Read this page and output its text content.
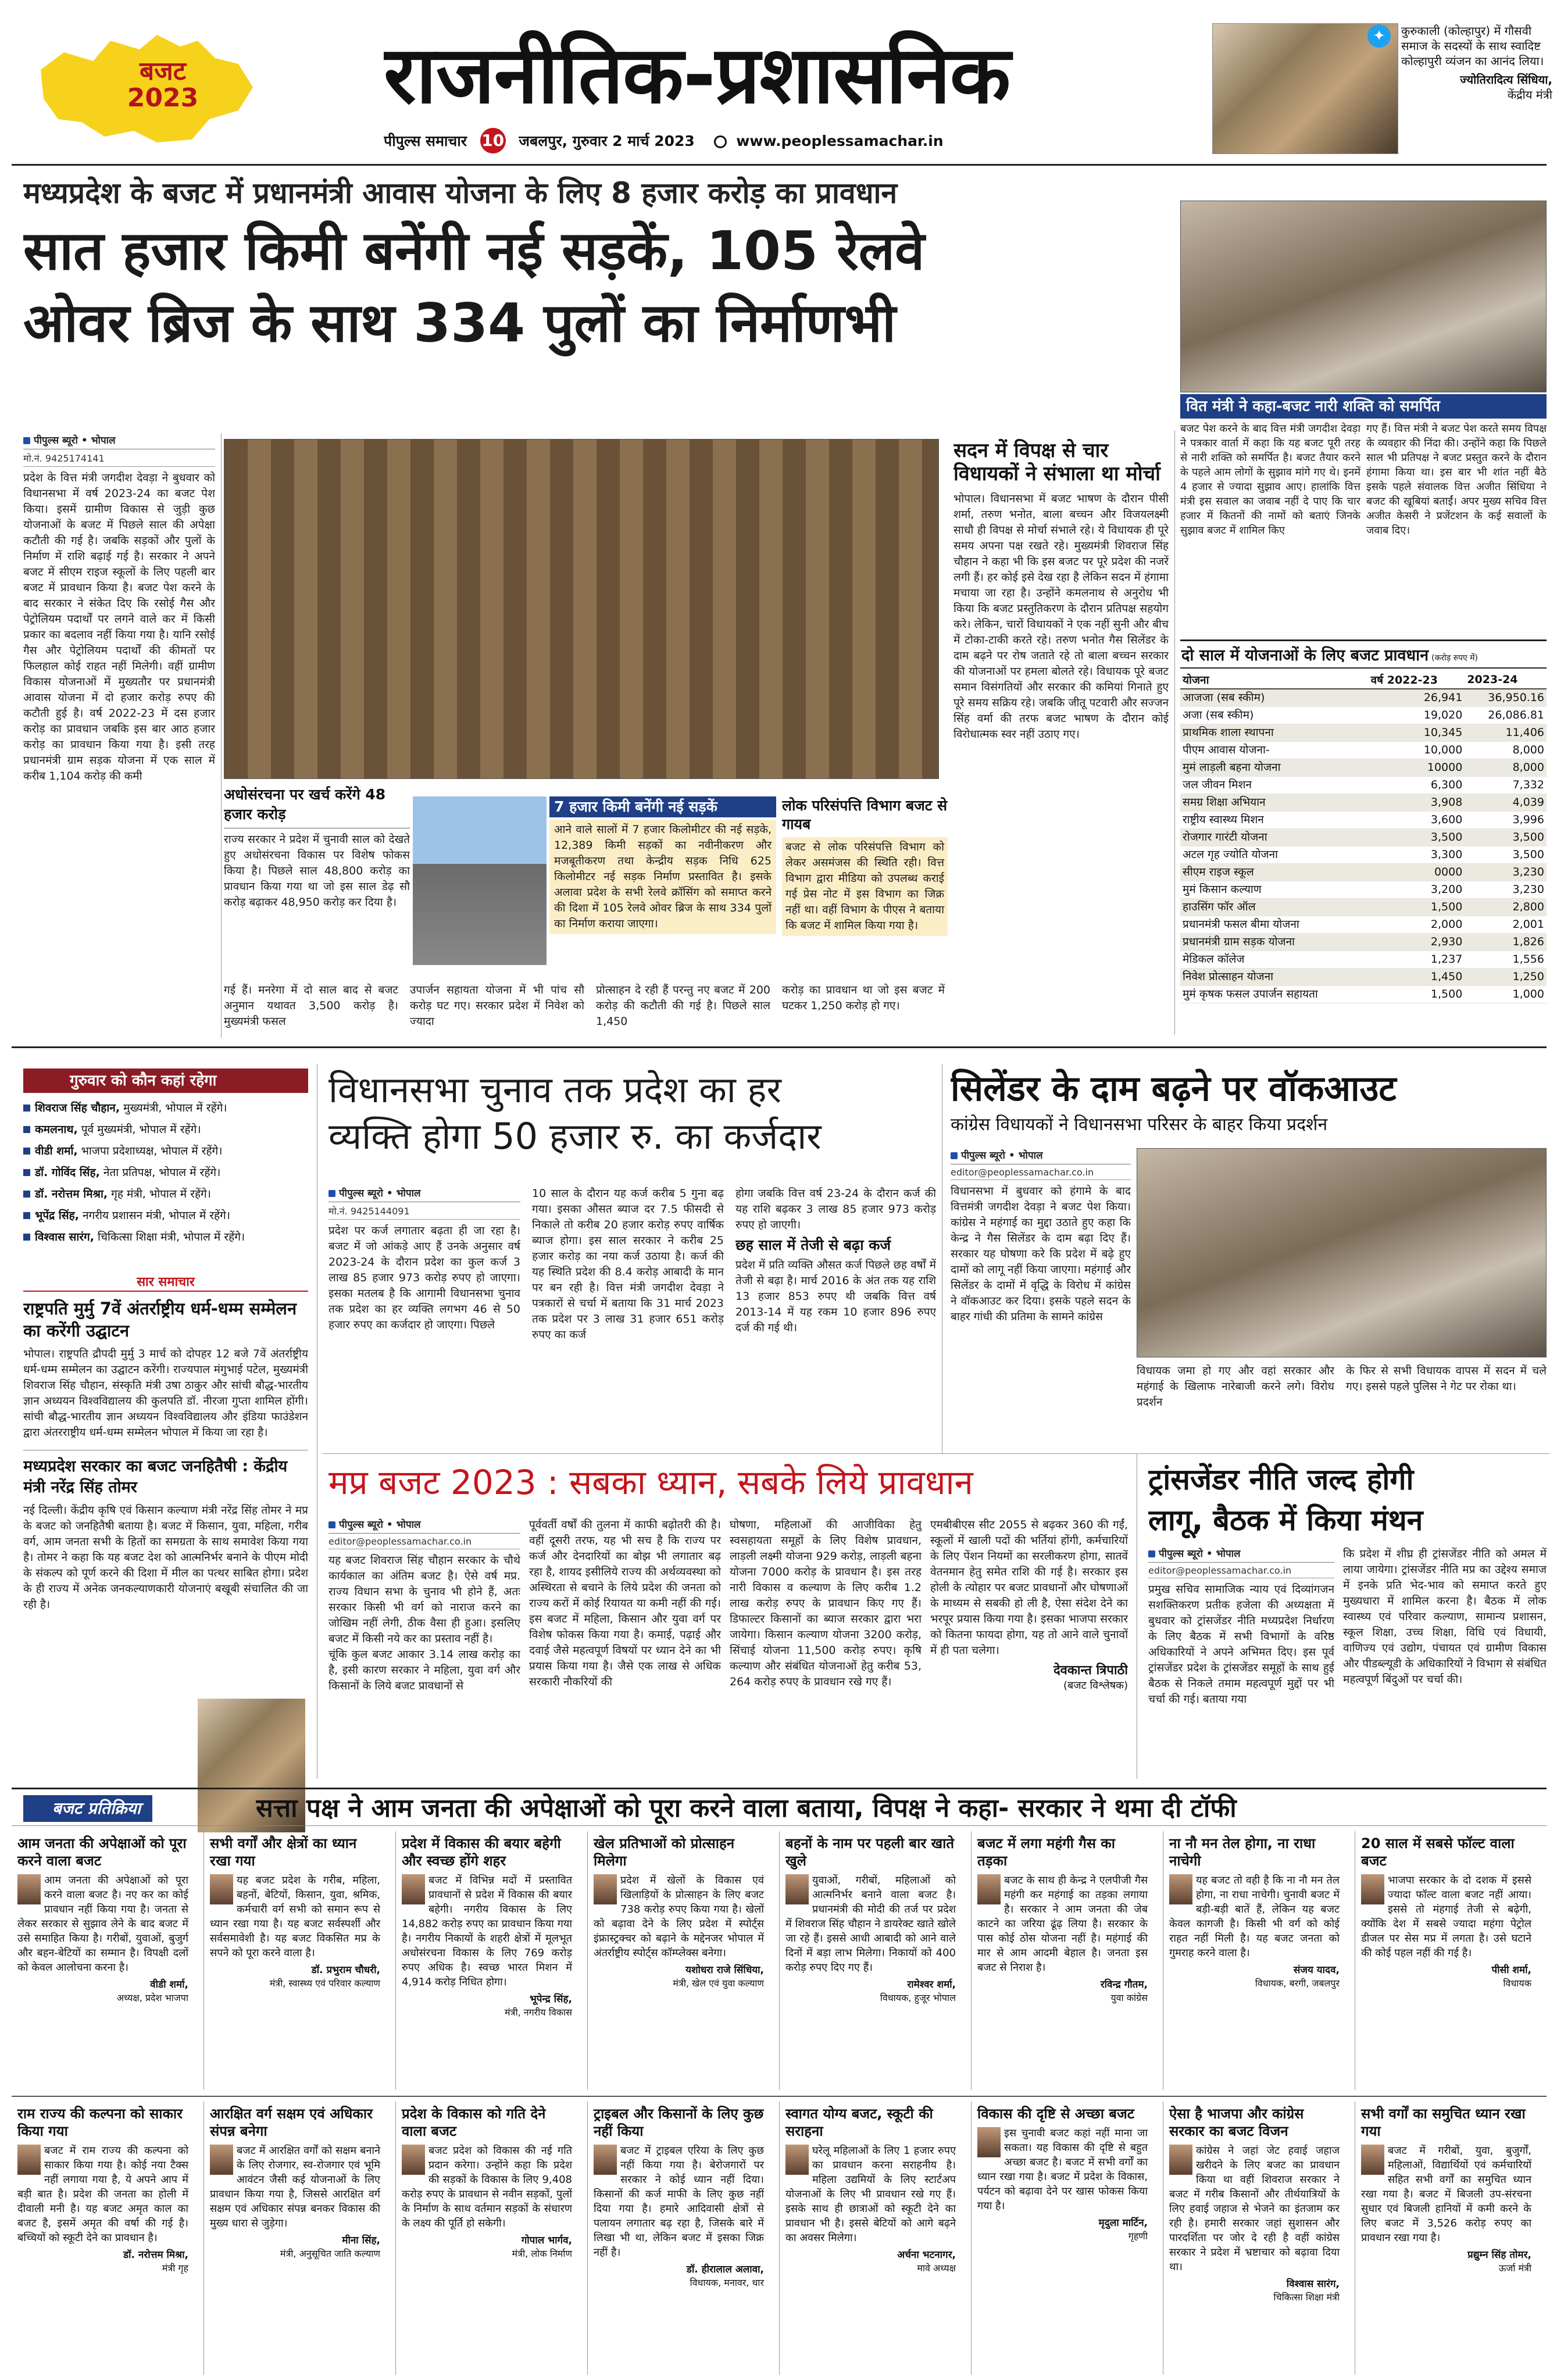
बजट
2023 राजनीतिक-प्रशासनिक
पीपुल्स समाचार 10 जबलपुर, गुरुवार 2 मार्च 2023	www.peoplessamachar.in
✦	कुरुकाली (कोल्हापुर) में गौसवी समाज के सदस्यों के साथ स्वादिष्ट कोल्हापुरी व्यंजन का आनंद लिया।
ज्योतिरादित्य सिंधिया,
केंद्रीय मंत्री
मध्यप्रदेश के बजट में प्रधानमंत्री आवास योजना के लिए 8 हजार करोड़ का प्रावधान
सात हजार किमी बनेंगी नई सड़कें, 105 रेलवे
ओवर ब्रिज के साथ 334 पुलों का निर्माणभी
पीपुल्स ब्यूरो • भोपाल
मो.नं. 9425174141
प्रदेश के वित्त मंत्री जगदीश देवड़ा ने बुधवार को विधानसभा में वर्ष 2023-24 का बजट पेश किया। इसमें ग्रामीण विकास से जुड़ी कुछ योजनाओं के बजट में पिछले साल की अपेक्षा कटौती की गई है। जबकि सड़कों और पुलों के निर्माण में राशि बढ़ाई गई है। सरकार ने अपने बजट में सीएम राइज स्कूलों के लिए पहली बार बजट में प्रावधान किया है। बजट पेश करने के बाद सरकार ने संकेत दिए कि रसोई गैस और पेट्रोलियम पदार्थों पर लगने वाले कर में किसी प्रकार का बदलाव नहीं किया गया है। यानि रसोई गैस और पेट्रोलियम पदार्थों की कीमतों पर फिलहाल कोई राहत नहीं मिलेगी। वहीं ग्रामीण विकास योजनाओं में मुख्यतौर पर प्रधानमंत्री आवास योजना में दो हजार करोड़ रुपए की कटौती हुई है। वर्ष 2022-23 में दस हजार करोड़ का प्रावधान जबकि इस बार आठ हजार करोड़ का प्रावधान किया गया है। इसी तरह प्रधानमंत्री ग्राम सड़क योजना में एक साल में करीब 1,104 करोड़ की कमी
सदन में विपक्ष से चार विधायकों ने संभाला था मोर्चा
भोपाल। विधानसभा में बजट भाषण के दौरान पीसी शर्मा, तरुण भनोत, बाला बच्चन और विजयलक्ष्मी साधौ ही विपक्ष से मोर्चा संभाले रहे। ये विधायक ही पूरे समय अपना पक्ष रखते रहे। मुख्यमंत्री शिवराज सिंह चौहान ने कहा भी कि इस बजट पर पूरे प्रदेश की नजरें लगी हैं। हर कोई इसे देख रहा है लेकिन सदन में हंगामा मचाया जा रहा है। उन्होंने कमलनाथ से अनुरोध भी किया कि बजट प्रस्तुतिकरण के दौरान प्रतिपक्ष सहयोग करे। लेकिन, चारों विधायकों ने एक नहीं सुनी और बीच में टोका-टाकी करते रहे। तरुण भनोत गैस सिलेंडर के दाम बढ़ने पर रोष जताते रहे तो बाला बच्चन सरकार की योजनाओं पर हमला बोलते रहे। विधायक पूरे बजट समान विसंगतियों और सरकार की कमियां गिनाते हुए पूरे समय सक्रिय रहे। जबकि जीतू पटवारी और सज्जन सिंह वर्मा की तरफ बजट भाषण के दौरान कोई विरोधात्मक स्वर नहीं उठाए गए।
अधोसंरचना पर खर्च करेंगे 48 हजार करोड़
राज्य सरकार ने प्रदेश में चुनावी साल को देखते हुए अधोसंरचना विकास पर विशेष फोकस किया है। पिछले साल 48,800 करोड़ का प्रावधान किया गया था जो इस साल डेढ़ सौ करोड़ बढ़ाकर 48,950 करोड़ कर दिया है।
7 हजार किमी बनेंगी नई सड़कें
आने वाले सालों में 7 हजार किलोमीटर की नई सड़के, 12,389 किमी सड़कों का नवीनीकरण और मजबूतीकरण तथा केन्द्रीय सड़क निधि 625 किलोमीटर नई सड़क निर्माण प्रस्तावित है। इसके अलावा प्रदेश के सभी रेलवे क्रॉसिंग को समाप्त करने की दिशा में 105 रेलवे ओवर ब्रिज के साथ 334 पुलों का निर्माण कराया जाएगा।
लोक परिसंपत्ति विभाग बजट से गायब
बजट से लोक परिसंपत्ति विभाग को लेकर असमंजस की स्थिति रही। वित्त विभाग द्वारा मीडिया को उपलब्ध कराई गई प्रेस नोट में इस विभाग का जिक्र नहीं था। वहीं विभाग के पीएस ने बताया कि बजट में शामिल किया गया है।
गई हैं। मनरेगा में दो साल बाद से बजट अनुमान यथावत 3,500 करोड़ है। मुख्यमंत्री फसल
उपार्जन सहायता योजना में भी पांच सौ करोड़ घट गए। सरकार प्रदेश में निवेश को ज्यादा
प्रोत्साहन दे रही हैं परन्तु नए बजट में 200 करोड़ की कटौती की गई है। पिछले साल 1,450
करोड़ का प्रावधान था जो इस बजट में घटकर 1,250 करोड़ हो गए।
वित मंत्री ने कहा-बजट नारी शक्ति को समर्पित
बजट पेश करने के बाद वित्त मंत्री जगदीश देवड़ा ने पत्रकार वार्ता में कहा कि यह बजट पूरी तरह से नारी शक्ति को समर्पित है। बजट तैयार करने के पहले आम लोगों के सुझाव मांगे गए थे। इनमें 4 हजार से ज्यादा सुझाव आए। हालांकि वित्त मंत्री इस सवाल का जवाब नहीं दे पाए कि चार हजार में कितनों की नामों को बताएं जिनके सुझाव बजट में शामिल किए
गए हैं। वित्त मंत्री ने बजट पेश करते समय विपक्ष के व्यवहार की निंदा की। उन्होंने कहा कि पिछले साल भी प्रतिपक्ष ने बजट प्रस्तुत करने के दौरान हंगामा किया था। इस बार भी शांत नहीं बैठे इसके पहले संवालक वित्त अजीत सिंधिया ने बजट की खूबियां बताईं। अपर मुख्य सचिव वित्त अजीत केसरी ने प्रजेंटशन के कई सवालों के जवाब दिए।
दो साल में योजनाओं के लिए बजट प्रावधान (करोड़ रुपए में)
योजना	वर्ष 2022-23	2023-24
आजजा (सब स्कीम)	26,941	36,950.16
अजा (सब स्कीम)	19,020	26,086.81
प्राथमिक शाला स्थापना	10,345	11,406
पीएम आवास योजना-	10,000	8,000
मुमं लाड़ली बहना योजना	10000	8,000
जल जीवन मिशन	6,300	7,332
समग्र शिक्षा अभियान	3,908	4,039
राष्ट्रीय स्वास्थ्य मिशन	3,600	3,996
रोजगार गारंटी योजना	3,500	3,500
अटल गृह ज्योति योजना	3,300	3,500
सीएम राइज स्कूल	0000	3,230
मुमं किसान कल्याण	3,200	3,230
हाउसिंग फॉर ऑल	1,500	2,800
प्रधानमंत्री फसल बीमा योजना	2,000	2,001
प्रधानमंत्री ग्राम सड़क योजना	2,930	1,826
मेडिकल कॉलेज	1,237	1,556
निवेश प्रोत्साहन योजना	1,450	1,250
मुमं कृषक फसल उपार्जन सहायता	1,500	1,000
गुरुवार को कौन कहां रहेगा
शिवराज सिंह चौहान, मुख्यमंत्री, भोपाल में रहेंगे।
कमलनाथ, पूर्व मुख्यमंत्री, भोपाल में रहेंगे।
वीडी शर्मा, भाजपा प्रदेशाध्यक्ष, भोपाल में रहेंगे।
डॉ. गोविंद सिंह, नेता प्रतिपक्ष, भोपाल में रहेंगे।
डॉ. नरोत्तम मिश्रा, गृह मंत्री, भोपाल में रहेंगे।
भूपेंद्र सिंह, नगरीय प्रशासन मंत्री, भोपाल में रहेंगे।
विश्वास सारंग, चिकित्सा शिक्षा मंत्री, भोपाल में रहेंगे।
सार समाचार
राष्ट्रपति मुर्मु 7वें अंतर्राष्ट्रीय धर्म-धम्म सम्मेलन का करेंगी उद्घाटन
भोपाल। राष्ट्रपति द्रौपदी मुर्मु 3 मार्च को दोपहर 12 बजे 7वें अंतर्राष्ट्रीय धर्म-धम्म सम्मेलन का उद्घाटन करेंगी। राज्यपाल मंगुभाई पटेल, मुख्यमंत्री शिवराज सिंह चौहान, संस्कृति मंत्री उषा ठाकुर और सांची बौद्ध-भारतीय ज्ञान अध्ययन विश्वविद्यालय की कुलपति डॉ. नीरजा गुप्ता शामिल होंगी। सांची बौद्ध-भारतीय ज्ञान अध्ययन विश्वविद्यालय और इंडिया फाउंडेशन द्वारा अंतरराष्ट्रीय धर्म-धम्म सम्मेलन भोपाल में किया जा रहा है।
मध्यप्रदेश सरकार का बजट जनहितैषी : केंद्रीय मंत्री नरेंद्र सिंह तोमर
नई दिल्ली। केंद्रीय कृषि एवं किसान कल्याण मंत्री नरेंद्र सिंह तोमर ने मप्र के बजट को जनहितैषी बताया है। बजट में किसान, युवा, महिला, गरीब वर्ग, आम जनता सभी के हितों का समग्रता के साथ समावेश किया गया है। तोमर ने कहा कि यह बजट देश को आत्मनिर्भर बनाने के पीएम मोदी के संकल्प को पूर्ण करने की दिशा में मील का पत्थर साबित होगा। प्रदेश के ही राज्य में अनेक जनकल्याणकारी योजनाएं बखूबी संचालित की जा रही है।
विधानसभा चुनाव तक प्रदेश का हर
व्यक्ति होगा 50 हजार रु. का कर्जदार
पीपुल्स ब्यूरो • भोपाल
मो.नं. 9425144091
प्रदेश पर कर्ज लगातार बढ़ता ही जा रहा है। बजट में जो आंकड़े आए हैं उनके अनुसार वर्ष 2023-24 के दौरान प्रदेश का कुल कर्ज 3 लाख 85 हजार 973 करोड़ रुपए हो जाएगा। इसका मतलब है कि आगामी विधानसभा चुनाव तक प्रदेश का हर व्यक्ति लगभग 46 से 50 हजार रुपए का कर्जदार हो जाएगा। पिछले
10 साल के दौरान यह कर्ज करीब 5 गुना बढ़ गया। इसका औसत ब्याज दर 7.5 फीसदी से निकाले तो करीब 20 हजार करोड़ रुपए वार्षिक ब्याज होगा। इस साल सरकार ने करीब 25 हजार करोड़ का नया कर्ज उठाया है। कर्ज की यह स्थिति प्रदेश की 8.4 करोड़ आबादी के मान पर बन रही है। वित्त मंत्री जगदीश देवड़ा ने पत्रकारों से चर्चा में बताया कि 31 मार्च 2023 तक प्रदेश पर 3 लाख 31 हजार 651 करोड़ रुपए का कर्ज
होगा जबकि वित्त वर्ष 23-24 के दौरान कर्ज की यह राशि बढ़कर 3 लाख 85 हजार 973 करोड़ रुपए हो जाएगी।
छह साल में तेजी से बढ़ा कर्ज
प्रदेश में प्रति व्यक्ति औसत कर्ज पिछले छह वर्षों में तेजी से बढ़ा है। मार्च 2016 के अंत तक यह राशि 13 हजार 853 रुपए थी जबकि वित्त वर्ष 2013-14 में यह रकम 10 हजार 896 रुपए दर्ज की गई थी।
सिलेंडर के दाम बढ़ने पर वॉकआउट
कांग्रेस विधायकों ने विधानसभा परिसर के बाहर किया प्रदर्शन
पीपुल्स ब्यूरो • भोपाल
editor@peoplessamachar.co.in
विधानसभा में बुधवार को हंगामे के बाद वित्तमंत्री जगदीश देवड़ा ने बजट पेश किया। कांग्रेस ने महंगाई का मुद्दा उठाते हुए कहा कि केन्द्र ने गैस सिलेंडर के दाम बढ़ा दिए हैं। सरकार यह घोषणा करे कि प्रदेश में बढ़े हुए दामों को लागू नहीं किया जाएगा। महंगाई और सिलेंडर के दामों में वृद्धि के विरोध में कांग्रेस ने वॉकआउट कर दिया। इसके पहले सदन के बाहर गांधी की प्रतिमा के सामने कांग्रेस
विधायक जमा हो गए और वहां सरकार और महंगाई के खिलाफ नारेबाजी करने लगे। विरोध प्रदर्शन
के फिर से सभी विधायक वापस में सदन में चले गए। इससे पहले पुलिस ने गेट पर रोका था।
मप्र बजट 2023 : सबका ध्यान, सबके लिये प्रावधान
पीपुल्स ब्यूरो • भोपाल
editor@peoplessamachar.co.in
यह बजट शिवराज सिंह चौहान सरकार के चौथे कार्यकाल का अंतिम बजट है। ऐसे वर्ष मप्र. राज्य विधान सभा के चुनाव भी होने हैं, अतः सरकार किसी भी वर्ग को नाराज करने का जोखिम नहीं लेगी, ठीक वैसा ही हुआ। इसलिए बजट में किसी नये कर का प्रस्ताव नहीं है।
चूंकि कुल बजट आकार 3.14 लाख करोड़ का है, इसी कारण सरकार ने महिला, युवा वर्ग और किसानों के लिये बजट प्रावधानों से
पूर्ववर्ती वर्षों की तुलना में काफी बढ़ोतरी की है। वहीं दूसरी तरफ, यह भी सच है कि राज्य पर कर्ज और देनदारियों का बोझ भी लगातार बढ़ रहा है, शायद इसीलिये राज्य की अर्थव्यवस्था को अस्थिरता से बचाने के लिये प्रदेश की जनता को राज्य करों में कोई रियायत या कमी नहीं की गई। इस बजट में महिला, किसान और युवा वर्ग पर विशेष फोकस किया गया है। कमाई, पढ़ाई और दवाई जैसे महत्वपूर्ण विषयों पर ध्यान देने का भी प्रयास किया गया है। जैसे एक लाख से अधिक सरकारी नौकरियों की
घोषणा, महिलाओं की आजीविका हेतु स्वसहायता समूहों के लिए विशेष प्रावधान, लाड़ली लक्ष्मी योजना 929 करोड़, लाड़ली बहना योजना 7000 करोड़ के प्रावधान है। इस तरह नारी विकास व कल्याण के लिए करीब 1.2 लाख करोड़ रुपए के प्रावधान किए गए हैं। डिफाल्टर किसानों का ब्याज सरकार द्वारा भरा जायेगा। किसान कल्याण योजना 3200 करोड़, सिंचाई योजना 11,500 करोड़ रुपए। कृषि कल्याण और संबंधित योजनाओं हेतु करीब 53, 264 करोड़ रुपए के प्रावधान रखे गए हैं।
एमबीबीएस सीट 2055 से बढ़कर 360 की गईं, स्कूलों में खाली पदों की भर्तियां होंगी, कर्मचारियों के लिए पेंशन नियमों का सरलीकरण होगा, सातवें वेतनमान हेतु समेत राशि की गई है। सरकार इस होली के त्योहार पर बजट प्रावधानों और घोषणाओं के माध्यम से सबकी हो ली है, ऐसा संदेश देने का भरपूर प्रयास किया गया है। इसका भाजपा सरकार को कितना फायदा होगा, यह तो आने वाले चुनावों में ही पता चलेगा।
देवकान्त त्रिपाठी
(बजट विश्लेषक)
ट्रांसजेंडर नीति जल्द होगी
लागू, बैठक में किया मंथन
पीपुल्स ब्यूरो • भोपाल
editor@peoplessamachar.co.in
प्रमुख सचिव सामाजिक न्याय एवं दिव्यांगजन सशक्तिकरण प्रतीक हजेला की अध्यक्षता में बुधवार को ट्रांसजेंडर नीति मध्यप्रदेश निर्धारण के लिए बैठक में सभी विभागों के वरिष्ठ अधिकारियों ने अपने अभिमत दिए। इस पूर्व ट्रांसजेंडर प्रदेश के ट्रांसजेंडर समूहों के साथ हुई बैठक से निकले तमाम महत्वपूर्ण मुद्दों पर भी चर्चा की गई। बताया गया
कि प्रदेश में शीघ्र ही ट्रांसजेंडर नीति को अमल में लाया जायेगा। ट्रांसजेंडर नीति मप्र का उद्देश्य समाज में इनके प्रति भेद-भाव को समाप्त करते हुए मुख्यधारा में शामिल करना है। बैठक में लोक स्वास्थ्य एवं परिवार कल्याण, सामान्य प्रशासन, स्कूल शिक्षा, उच्च शिक्षा, विधि एवं विधायी, वाणिज्य एवं उद्योग, पंचायत एवं ग्रामीण विकास और पीडब्ल्यूडी के अधिकारियों ने विभाग से संबंधित महत्वपूर्ण बिंदुओं पर चर्चा की।
बजट प्रतिक्रिया	सत्ता पक्ष ने आम जनता की अपेक्षाओं को पूरा करने वाला बताया, विपक्ष ने कहा- सरकार ने थमा दी टॉफी
आम जनता की अपेक्षाओं को पूरा करने वाला बजट
आम जनता की अपेक्षाओं को पूरा करने वाला बजट है। नए कर का कोई प्रावधान नहीं किया गया है। जनता से लेकर सरकार से सुझाव लेने के बाद बजट में उसे समाहित किया है। गरीबों, युवाओं, बुजुर्ग और बहन-बेटियों का सम्मान है। विपक्षी दलों को केवल आलोचना करना है।
वीडी शर्मा,
अध्यक्ष, प्रदेश भाजपा
सभी वर्गों और क्षेत्रों का ध्यान रखा गया
यह बजट प्रदेश के गरीब, महिला, बहनों, बेटियों, किसान, युवा, श्रमिक, कर्मचारी वर्ग सभी को समान रूप से ध्यान रखा गया है। यह बजट सर्वस्पर्शी और सर्वसमावेशी है। यह बजट विकसित मप्र के सपने को पूरा करने वाला है।
डॉ. प्रभुराम चौधरी,
मंत्री, स्वास्थ्य एवं परिवार कल्याण
प्रदेश में विकास की बयार बहेगी और स्वच्छ होंगे शहर
बजट में विभिन्न मदों में प्रस्तावित प्रावधानों से प्रदेश में विकास की बयार बहेगी। नगरीय विकास के लिए 14,882 करोड़ रुपए का प्रावधान किया गया है। नगरीय निकायों के शहरी क्षेत्रों में मूलभूत अधोसंरचना विकास के लिए 769 करोड़ रुपए अधिक है। स्वच्छ भारत मिशन में 4,914 करोड़ निधित होगा।
भूपेन्द्र सिंह,
मंत्री, नगरीय विकास
खेल प्रतिभाओं को प्रोत्साहन मिलेगा
प्रदेश में खेलों के विकास एवं खिलाड़ियों के प्रोत्साहन के लिए बजट 738 करोड़ रुपए किया गया है। खेलों को बढ़ावा देने के लिए प्रदेश में स्पोर्ट्स इंफ्रास्ट्रक्चर को बढ़ाने के मद्देनजर भोपाल में अंतर्राष्ट्रीय स्पोर्ट्स कॉम्प्लेक्स बनेगा।
यशोधरा राजे सिंधिया,
मंत्री, खेल एवं युवा कल्याण
बहनों के नाम पर पहली बार खाते खुले
युवाओं, गरीबों, महिलाओं को आत्मनिर्भर बनाने वाला बजट है। प्रधानमंत्री की मोदी की तर्ज पर प्रदेश में शिवराज सिंह चौहान ने डायरेक्ट खाते खोले जा रहे हैं। इससे आधी आबादी को आने वाले दिनों में बड़ा लाभ मिलेगा। निकायों को 400 करोड़ रुपए दिए गए हैं।
रामेश्वर शर्मा,
विधायक, हुजूर भोपाल
बजट में लगा महंगी गैस का तड़का
बजट के साथ ही केन्द्र ने एलपीजी गैस महंगी कर महंगाई का तड़का लगाया है। सरकार ने आम जनता की जेब काटने का जरिया ढूंढ़ लिया है। सरकार के पास कोई ठोस योजना नहीं है। महंगाई की मार से आम आदमी बेहाल है। जनता इस बजट से निराश है।
रविन्द्र गौतम,
युवा कांग्रेस
ना नौ मन तेल होगा, ना राधा नाचेगी
यह बजट तो वही है कि ना नौ मन तेल होगा, ना राधा नाचेगी। चुनावी बजट में बड़ी-बड़ी बातें हैं, लेकिन यह बजट केवल कागजी है। किसी भी वर्ग को कोई राहत नहीं मिली है। यह बजट जनता को गुमराह करने वाला है।
संजय यादव,
विधायक, बरगी, जबलपुर
20 साल में सबसे फॉल्ट वाला बजट
भाजपा सरकार के दो दशक में इससे ज्यादा फॉल्ट वाला बजट नहीं आया। इससे तो मंहगाई तेजी से बढ़ेगी, क्योंकि देश में सबसे ज्यादा महंगा पेट्रोल डीजल पर सेस मप्र में लगता है। उसे घटाने की कोई पहल नहीं की गई है।
पीसी शर्मा,
विधायक
राम राज्य की कल्पना को साकार किया गया
बजट में राम राज्य की कल्पना को साकार किया गया है। कोई नया टैक्स नहीं लगाया गया है, ये अपने आप में बड़ी बात है। प्रदेश की जनता का होली में दीवाली मनी है। यह बजट अमृत काल का बजट है, इसमें अमृत की वर्षा की गई है। बच्चियों को स्कूटी देने का प्रावधान है।
डॉ. नरोत्तम मिश्रा,
मंत्री गृह
आरक्षित वर्ग सक्षम एवं अधिकार संपन्न बनेगा
बजट में आरक्षित वर्गों को सक्षम बनाने के लिए रोजगार, स्व-रोजगार एवं भूमि आवंटन जैसी कई योजनाओं के लिए प्रावधान किया गया है, जिससे आरक्षित वर्ग सक्षम एवं अधिकार संपन्न बनकर विकास की मुख्य धारा से जुड़ेगा।
मीना सिंह,
मंत्री, अनुसूचित जाति कल्याण
प्रदेश के विकास को गति देने वाला बजट
बजट प्रदेश को विकास की नई गति प्रदान करेगा। उन्होंने कहा कि प्रदेश की सड़कों के विकास के लिए 9,408 करोड़ रुपए के प्रावधान से नवीन सड़कों, पुलों के निर्माण के साथ वर्तमान सड़कों के संधारण के लक्ष्य की पूर्ति हो सकेगी।
गोपाल भार्गव,
मंत्री, लोक निर्माण
ट्राइबल और किसानों के लिए कुछ नहीं किया
बजट में ट्राइबल एरिया के लिए कुछ नहीं किया गया है। बेरोजगारों पर सरकार ने कोई ध्यान नहीं दिया। किसानों की कर्ज माफी के लिए कुछ नहीं दिया गया है। हमारे आदिवासी क्षेत्रों से पलायन लगातार बढ़ रहा है, जिसके बारे में लिखा भी था, लेकिन बजट में इसका जिक्र नहीं है।
डॉ. हीरालाल अलावा,
विधायक, मनावर, धार
स्वागत योग्य बजट, स्कूटी की सराहना
घरेलू महिलाओं के लिए 1 हजार रुपए का प्रावधान करना सराहनीय है। महिला उद्यमियों के लिए स्टार्टअप योजनाओं के लिए भी प्रावधान रखे गए हैं। इसके साथ ही छात्राओं को स्कूटी देने का प्रावधान भी है। इससे बेटियों को आगे बढ़ने का अवसर मिलेगा।
अर्चना भटनागर,
मावे अध्यक्ष
विकास की दृष्टि से अच्छा बजट
इस चुनावी बजट कहां नहीं माना जा सकता। यह विकास की दृष्टि से बहुत अच्छा बजट है। बजट में सभी वर्गों का ध्यान रखा गया है। बजट में प्रदेश के विकास, पर्यटन को बढ़ावा देने पर खास फोकस किया गया है।
मृदुला मार्टिन,
गृहणी
ऐसा है भाजपा और कांग्रेस सरकार का बजट विजन
कांग्रेस ने जहां जेट हवाई जहाज खरीदने के लिए बजट का प्रावधान किया था वहीं शिवराज सरकार ने बजट में गरीब किसानों और तीर्थयात्रियों के लिए हवाई जहाज से भेजने का इंतजाम कर रही है। हमारी सरकार जहां सुशासन और पारदर्शिता पर जोर दे रही है वहीं कांग्रेस सरकार ने प्रदेश में भ्रष्टाचार को बढ़ावा दिया था।
विश्वास सारंग,
चिकित्सा शिक्षा मंत्री
सभी वर्गों का समुचित ध्यान रखा गया
बजट में गरीबों, युवा, बुजुर्गों, महिलाओं, विद्यार्थियों एवं कर्मचारियों सहित सभी वर्गों का समुचित ध्यान रखा गया है। बजट में बिजली उप-संरचना सुधार एवं बिजली हानियों में कमी करने के लिए बजट में 3,526 करोड़ रुपए का प्रावधान रखा गया है।
प्रद्युम्न सिंह तोमर,
ऊर्जा मंत्री
